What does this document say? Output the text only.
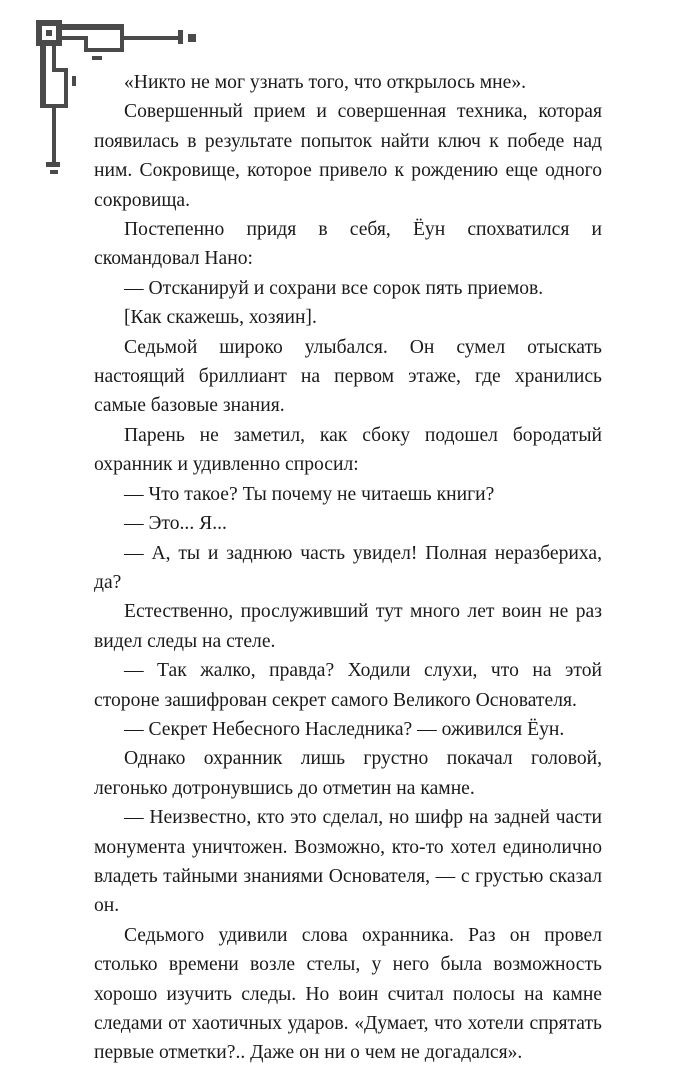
«Никто не мог узнать того, что открылось мне».

Совершенный прием и совершенная техника, которая появилась в результате попыток найти ключ к победе над ним. Сокровище, которое привело к рождению еще одного сокровища.

Постепенно придя в себя, Ёун спохватился и скомандовал Нано:

— Отсканируй и сохрани все сорок пять приемов.

[Как скажешь, хозяин].

Седьмой широко улыбался. Он сумел отыскать настоящий бриллиант на первом этаже, где хранились самые базовые знания.

Парень не заметил, как сбоку подошел бородатый охранник и удивленно спросил:

— Что такое? Ты почему не читаешь книги?

— Это... Я...

— А, ты и заднюю часть увидел! Полная неразбериха, да?

Естественно, прослуживший тут много лет воин не раз видел следы на стеле.

— Так жалко, правда? Ходили слухи, что на этой стороне зашифрован секрет самого Великого Основателя.

— Секрет Небесного Наследника? — оживился Ёун.

Однако охранник лишь грустно покачал головой, легонько дотронувшись до отметин на камне.

— Неизвестно, кто это сделал, но шифр на задней части монумента уничтожен. Возможно, кто-то хотел единолично владеть тайными знаниями Основателя, — с грустью сказал он.

Седьмого удивили слова охранника. Раз он провел столько времени возле стелы, у него была возможность хорошо изучить следы. Но воин считал полосы на камне следами от хаотичных ударов. «Думает, что хотели спрятать первые отметки?.. Даже он ни о чем не догадался».
